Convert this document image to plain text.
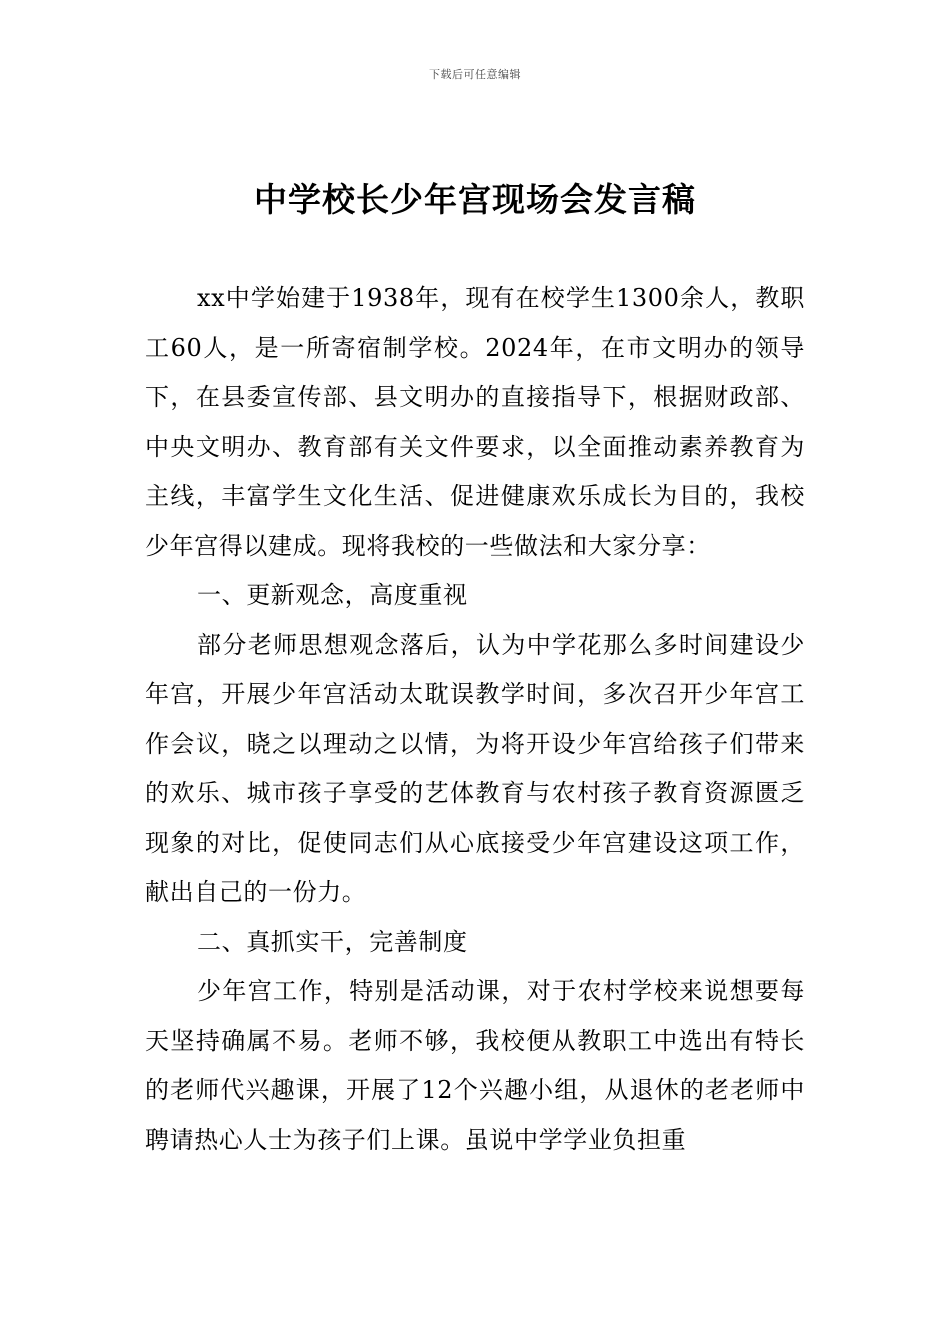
下载后可任意编辑
中学校长少年宫现场会发言稿

xx中学始建于1938年，现有在校学生1300余人，教职工60人，是一所寄宿制学校。2024年，在市文明办的领导下，在县委宣传部、县文明办的直接指导下，根据财政部、中央文明办、教育部有关文件要求，以全面推动素养教育为主线，丰富学生文化生活、促进健康欢乐成长为目的，我校少年宫得以建成。现将我校的一些做法和大家分享：

一、更新观念，高度重视

部分老师思想观念落后，认为中学花那么多时间建设少年宫，开展少年宫活动太耽误教学时间，多次召开少年宫工作会议，晓之以理动之以情，为将开设少年宫给孩子们带来的欢乐、城市孩子享受的艺体教育与农村孩子教育资源匮乏现象的对比，促使同志们从心底接受少年宫建设这项工作，献出自己的一份力。

二、真抓实干，完善制度

少年宫工作，特别是活动课，对于农村学校来说想要每天坚持确属不易。老师不够，我校便从教职工中选出有特长的老师代兴趣课，开展了12个兴趣小组，从退休的老老师中聘请热心人士为孩子们上课。虽说中学学业负担重
